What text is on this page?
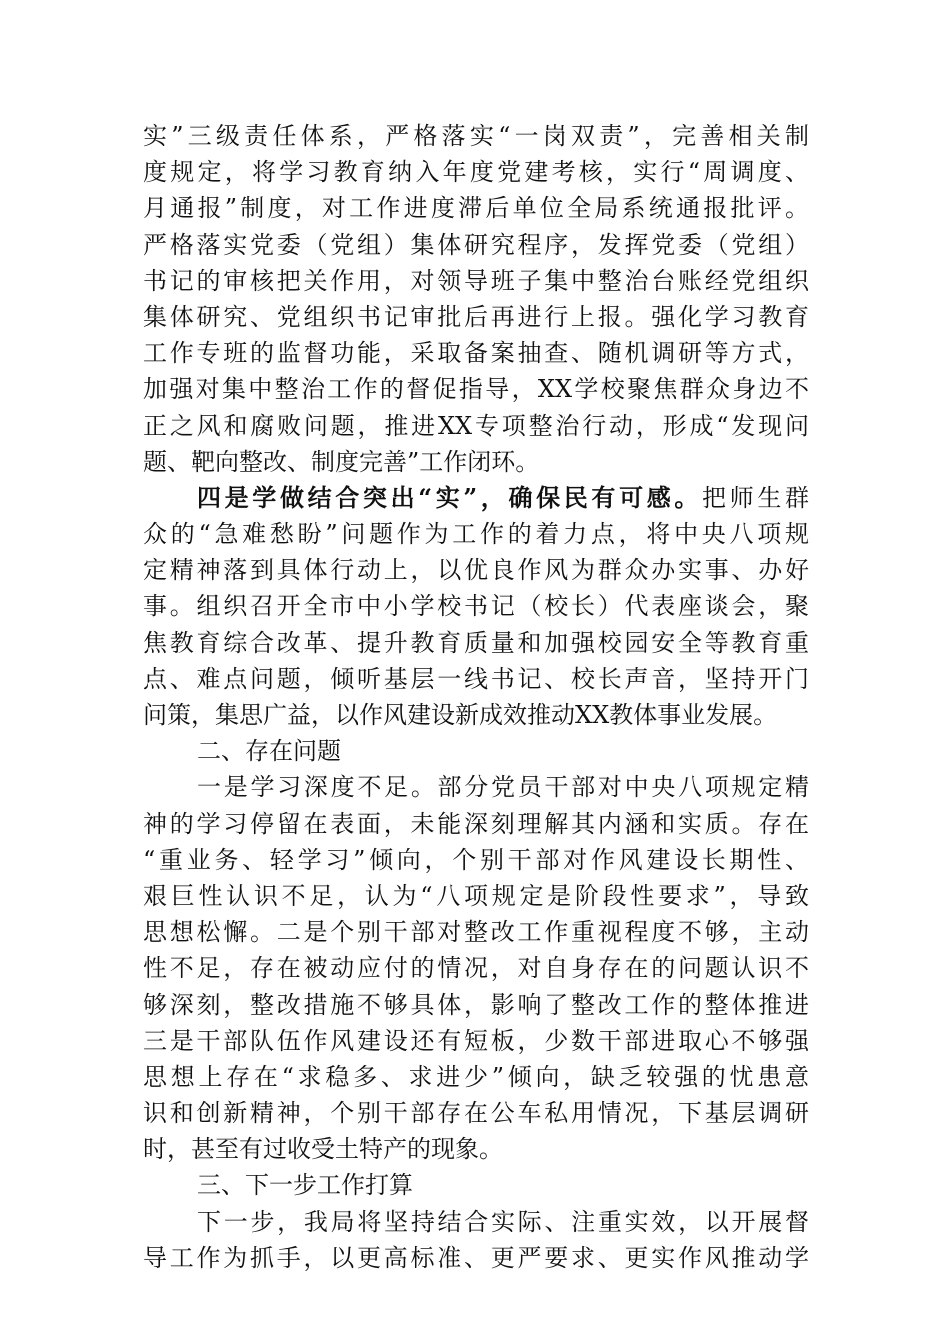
实”三级责任体系，严格落实“一岗双责”，完善相关制
度规定，将学习教育纳入年度党建考核，实行“周调度、
月通报”制度，对工作进度滞后单位全局系统通报批评。
严格落实党委（党组）集体研究程序，发挥党委（党组）
书记的审核把关作用，对领导班子集中整治台账经党组织
集体研究、党组织书记审批后再进行上报。强化学习教育
工作专班的监督功能，采取备案抽查、随机调研等方式，
加强对集中整治工作的督促指导，XX学校聚焦群众身边不
正之风和腐败问题，推进XX专项整治行动，形成“发现问
题、靶向整改、制度完善”工作闭环。
四是学做结合突出“实”，确保民有可感。把师生群
众的“急难愁盼”问题作为工作的着力点，将中央八项规
定精神落到具体行动上，以优良作风为群众办实事、办好
事。组织召开全市中小学校书记（校长）代表座谈会，聚
焦教育综合改革、提升教育质量和加强校园安全等教育重
点、难点问题，倾听基层一线书记、校长声音，坚持开门
问策，集思广益，以作风建设新成效推动XX教体事业发展。
二、存在问题
一是学习深度不足。部分党员干部对中央八项规定精
神的学习停留在表面，未能深刻理解其内涵和实质。存在
“重业务、轻学习”倾向，个别干部对作风建设长期性、
艰巨性认识不足，认为“八项规定是阶段性要求”，导致
思想松懈。二是个别干部对整改工作重视程度不够，主动
性不足，存在被动应付的情况，对自身存在的问题认识不
够深刻，整改措施不够具体，影响了整改工作的整体推进
三是干部队伍作风建设还有短板，少数干部进取心不够强
思想上存在“求稳多、求进少”倾向，缺乏较强的忧患意
识和创新精神，个别干部存在公车私用情况，下基层调研
时，甚至有过收受土特产的现象。
三、下一步工作打算
下一步，我局将坚持结合实际、注重实效，以开展督
导工作为抓手，以更高标准、更严要求、更实作风推动学
